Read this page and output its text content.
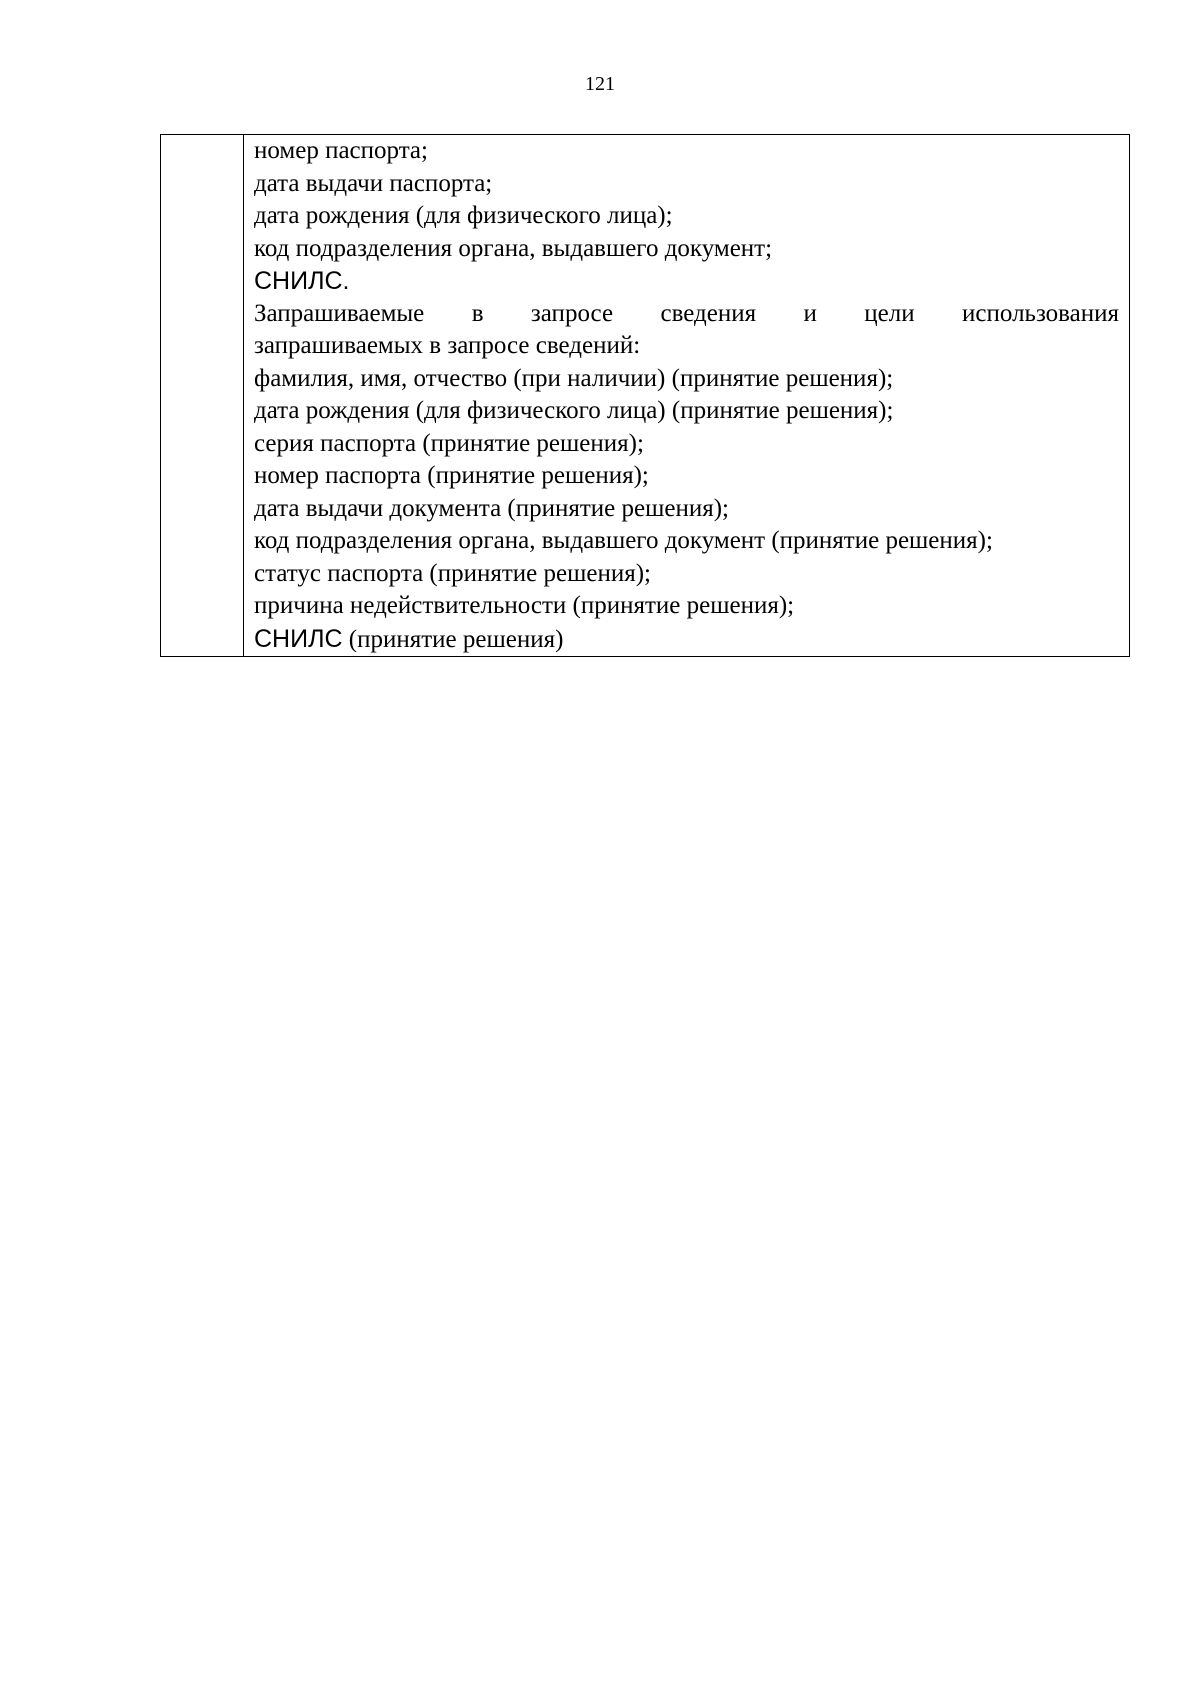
121

номер паспорта;
дата выдачи паспорта;
дата рождения (для физического лица);
код подразделения органа, выдавшего документ;
СНИЛС.
Запрашиваемые в запросе сведения и цели использования
запрашиваемых в запросе сведений:
фамилия, имя, отчество (при наличии) (принятие решения);
дата рождения (для физического лица) (принятие решения);
серия паспорта (принятие решения);
номер паспорта (принятие решения);
дата выдачи документа (принятие решения);
код подразделения органа, выдавшего документ (принятие решения);
статус паспорта (принятие решения);
причина недействительности (принятие решения);
СНИЛС (принятие решения)
